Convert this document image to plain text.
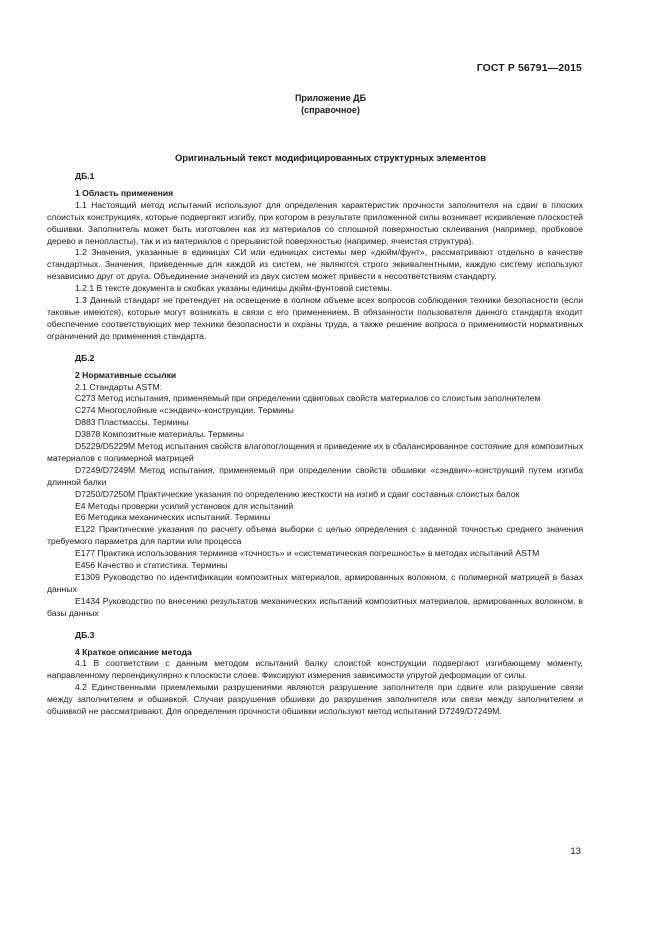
ГОСТ Р 56791—2015
Приложение ДБ
(справочное)
Оригинальный текст модифицированных структурных элементов

ДБ.1

1 Область применения

1.1 Настоящий метод испытаний используют для определения характеристик прочности заполнителя на сдвиг в плоских слоистых конструкциях, которые подвергают изгибу, при котором в результате приложенной силы возникает искривление плоскостей обшивки. Заполнитель может быть изготовлен как из материалов со сплошной поверхностью склеивания (например, пробковое дерево и пенопласты), так и из материалов с прерывистой поверхностью (например, ячеистая структура).

1.2 Значения, указанные в единицах СИ или единицах системы мер «дюйм/фунт», рассматривают отдельно в качестве стандартных. Значения, приведенные для каждой из систем, не являются строго эквивалентными, каждую систему используют независимо друг от друга. Объединение значений из двух систем может привести к несоответствиям стандарту.

1.2.1 В тексте документа в скобках указаны единицы дюйм-фунтовой системы.

1.3 Данный стандарт не претендует на освещение в полном объеме всех вопросов соблюдения техники безопасности (если таковые имеются), которые могут возникать в связи с его применением. В обязанности пользователя данного стандарта входит обеспечение соответствующих мер техники безопасности и охраны труда, а также решение вопроса о применимости нормативных ограничений до применения стандарта.

ДБ.2

2 Нормативные ссылки

2.1 Стандарты ASTM:

C273 Метод испытания, применяемый при определении сдвиговых свойств материалов со слоистым заполнителем

C274 Многослойные «сэндвич»-конструкции. Термины

D883 Пластмассы. Термины

D3878 Композитные материалы. Термины

D5229/D5229M Метод испытания свойств влагопоглощения и приведение их в сбалансированное состояние для композитных материалов с полимерной матрицей

D7249/D7249M Метод испытания, применяемый при определении свойств обшивки «сэндвич»-конструкций путем изгиба длинной балки

D7250/D7250M Практические указания по определению жесткости на изгиб и сдвиг составных слоистых балок

E4 Методы проверки усилий установок для испытаний

E6 Методика механических испытаний. Термины

E122 Практические указания по расчету объема выборки с целью определения с заданной точностью среднего значения требуемого параметра для партии или процесса

E177 Практика использования терминов «точность» и «систематическая погрешность» в методах испытаний ASTM

E456 Качество и статистика. Термины

E1309 Руководство по идентификации композитных материалов, армированных волокном, с полимерной матрицей в базах данных

E1434 Руководство по внесению результатов механических испытаний композитных материалов, армированных волокном, в базы данных

ДБ.3

4 Краткое описание метода

4.1 В соответствии с данным методом испытаний балку слоистой конструкции подвергают изгибающему моменту, направленному перпендикулярно к плоскости слоев. Фиксируют измерения зависимости упругой деформации от силы.

4.2 Единственными приемлемыми разрушениями являются разрушение заполнителя при сдвиге или разрушение связи между заполнителем и обшивкой. Случаи разрушения обшивки до разрушения заполнителя или связи между заполнителем и обшивкой не рассматривают. Для определения прочности обшивки используют метод испытаний D7249/D7249M.

13
